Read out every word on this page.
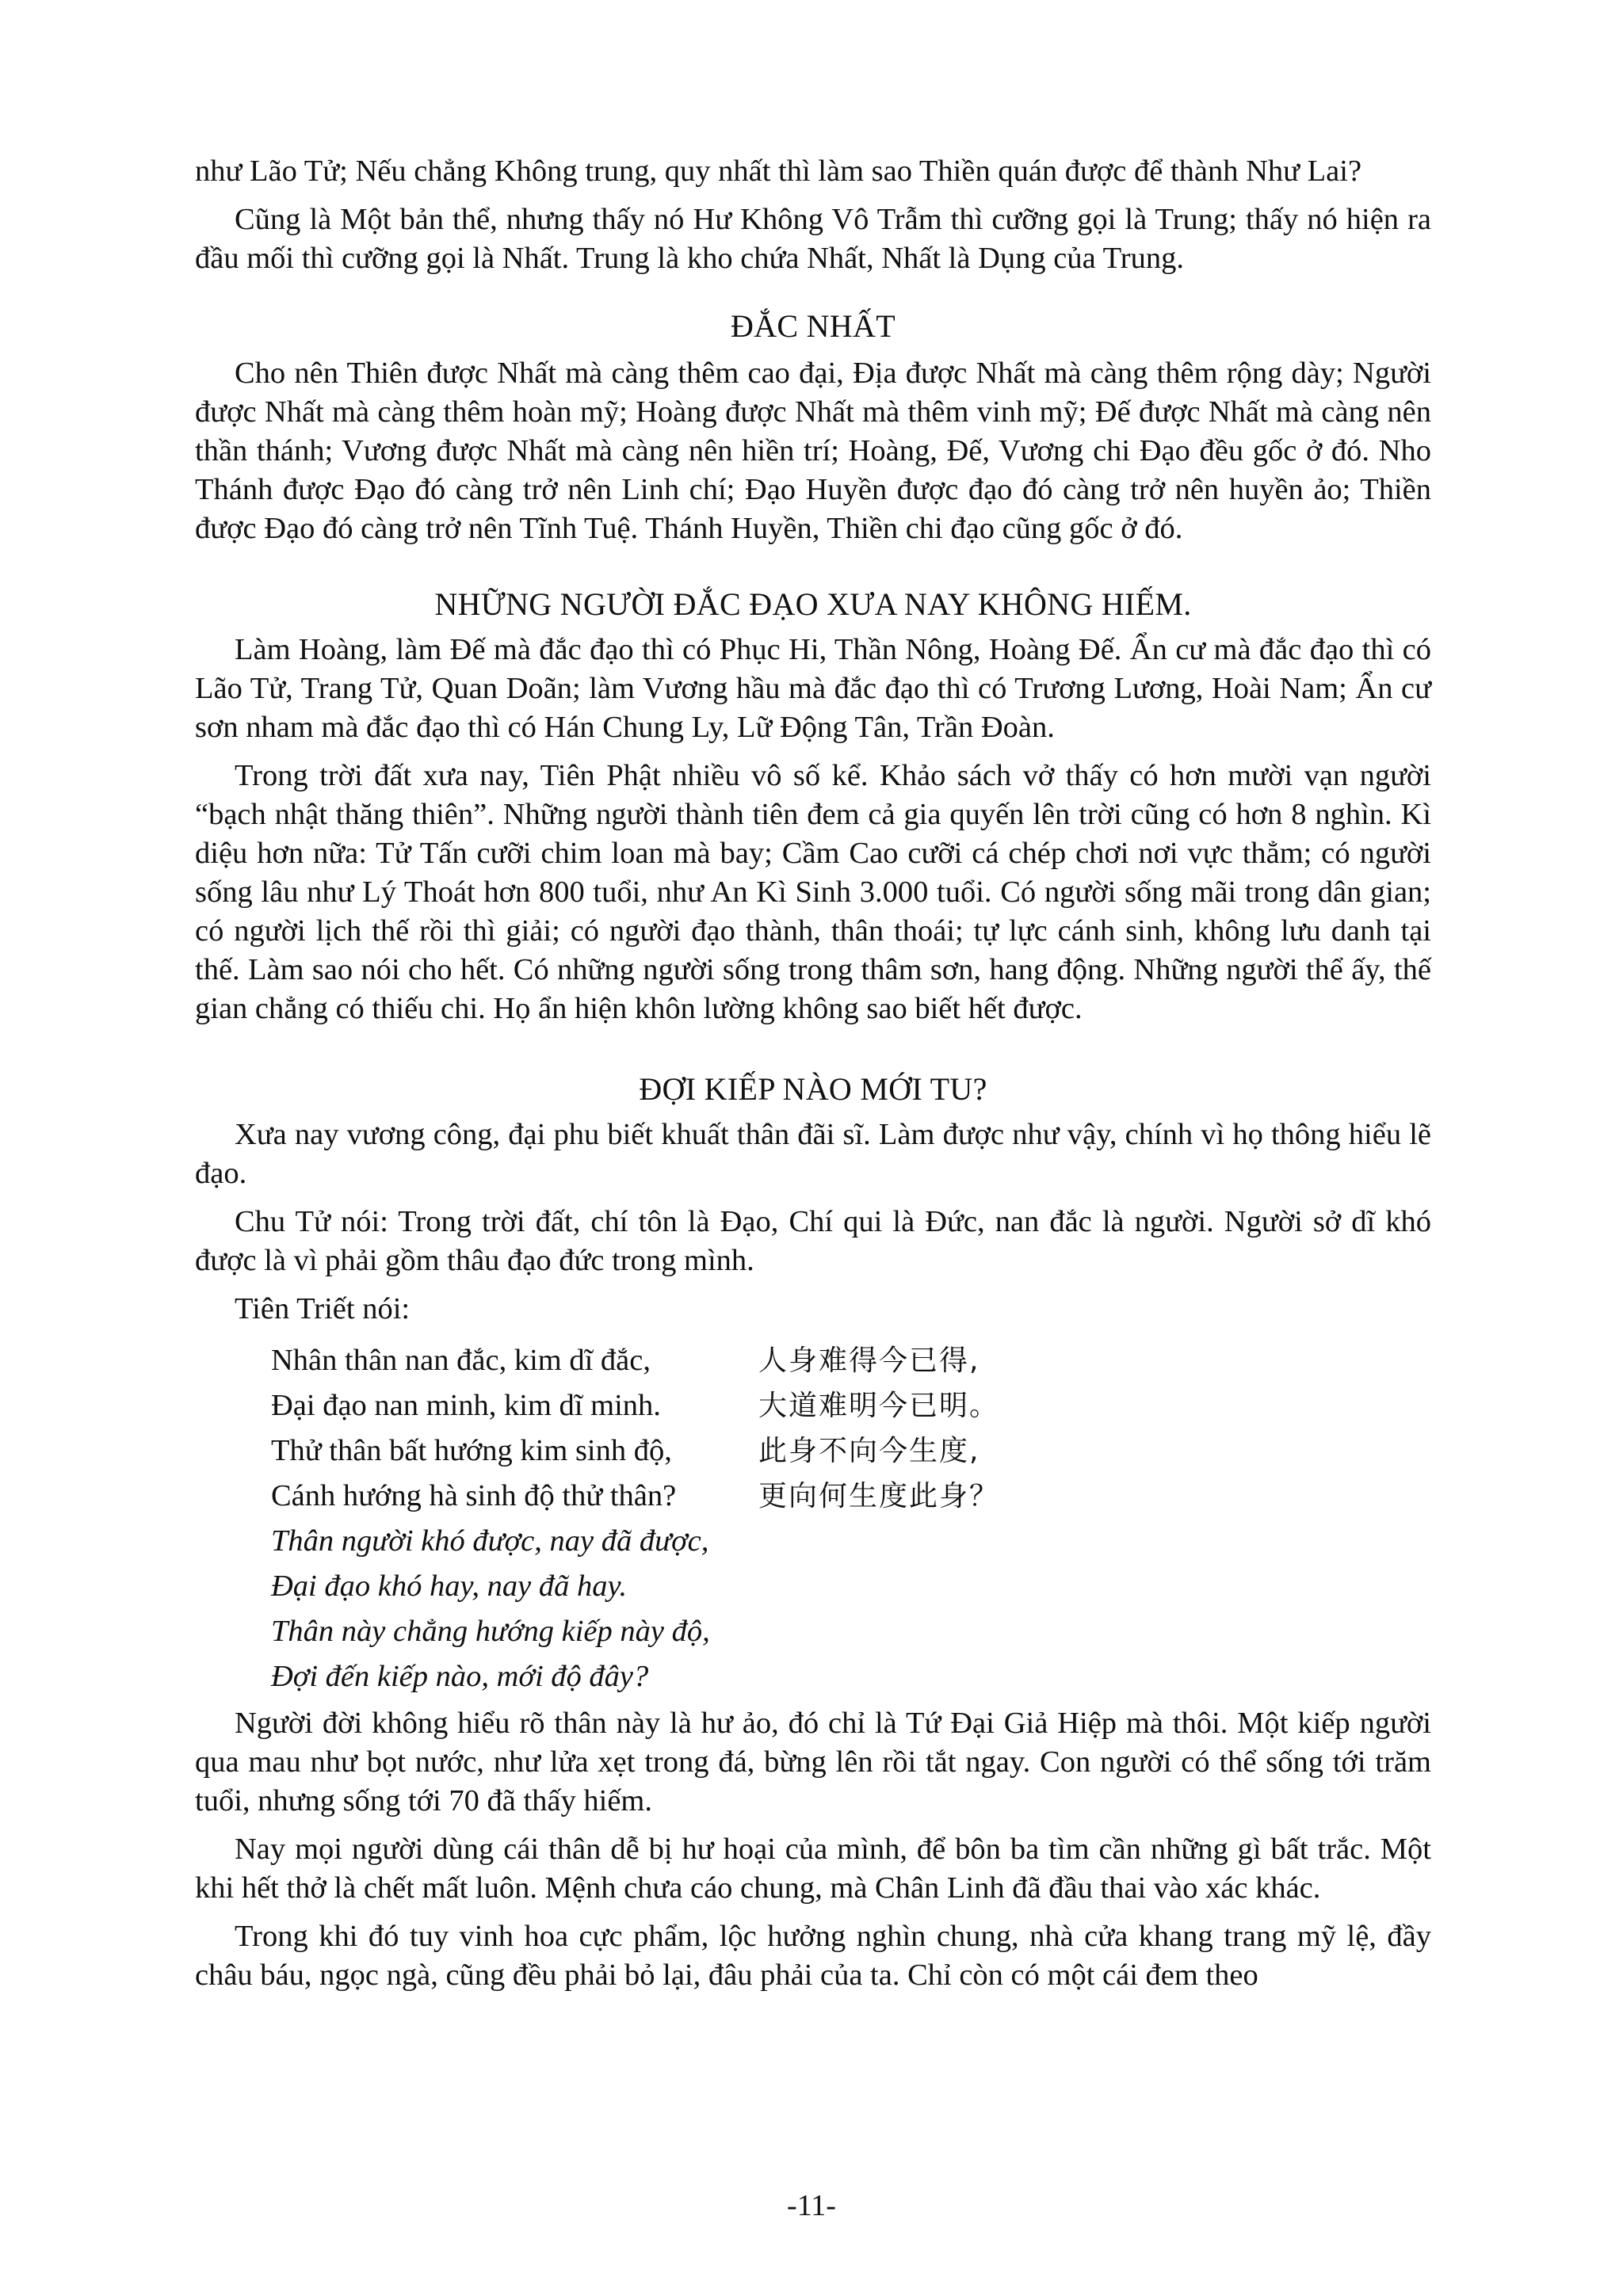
như Lão Tử; Nếu chẳng Không trung, quy nhất thì làm sao Thiền quán được để thành Như Lai?

Cũng là Một bản thể, nhưng thấy nó Hư Không Vô Trẫm thì cưỡng gọi là Trung; thấy nó hiện ra đầu mối thì cưỡng gọi là Nhất. Trung là kho chứa Nhất, Nhất là Dụng của Trung.

ĐẮC NHẤT

Cho nên Thiên được Nhất mà càng thêm cao đại, Địa được Nhất mà càng thêm rộng dày; Người được Nhất mà càng thêm hoàn mỹ; Hoàng được Nhất mà thêm vinh mỹ; Đế được Nhất mà càng nên thần thánh; Vương được Nhất mà càng nên hiền trí; Hoàng, Đế, Vương chi Đạo đều gốc ở đó. Nho Thánh được Đạo đó càng trở nên Linh chí; Đạo Huyền được đạo đó càng trở nên huyền ảo; Thiền được Đạo đó càng trở nên Tĩnh Tuệ. Thánh Huyền, Thiền chi đạo cũng gốc ở đó.

NHỮNG NGƯỜI ĐẮC ĐẠO XƯA NAY KHÔNG HIẾM.

Làm Hoàng, làm Đế mà đắc đạo thì có Phục Hi, Thần Nông, Hoàng Đế. Ẩn cư mà đắc đạo thì có Lão Tử, Trang Tử, Quan Doãn; làm Vương hầu mà đắc đạo thì có Trương Lương, Hoài Nam; Ẩn cư sơn nham mà đắc đạo thì có Hán Chung Ly, Lữ Động Tân, Trần Đoàn.

Trong trời đất xưa nay, Tiên Phật nhiều vô số kể. Khảo sách vở thấy có hơn mười vạn người “bạch nhật thăng thiên”. Những người thành tiên đem cả gia quyến lên trời cũng có hơn 8 nghìn. Kì diệu hơn nữa: Tử Tấn cưỡi chim loan mà bay; Cầm Cao cưỡi cá chép chơi nơi vực thẳm; có người sống lâu như Lý Thoát hơn 800 tuổi, như An Kì Sinh 3.000 tuổi. Có người sống mãi trong dân gian; có người lịch thế rồi thì giải; có người đạo thành, thân thoái; tự lực cánh sinh, không lưu danh tại thế. Làm sao nói cho hết. Có những người sống trong thâm sơn, hang động. Những người thể ấy, thế gian chẳng có thiếu chi. Họ ẩn hiện khôn lường không sao biết hết được.

ĐỢI KIẾP NÀO MỚI TU?

Xưa nay vương công, đại phu biết khuất thân đãi sĩ. Làm được như vậy, chính vì họ thông hiểu lẽ đạo.

Chu Tử nói: Trong trời đất, chí tôn là Đạo, Chí qui là Đức, nan đắc là người. Người sở dĩ khó được là vì phải gồm thâu đạo đức trong mình.

Tiên Triết nói:

Nhân thân nan đắc, kim dĩ đắc,	人身难得今已得,
Đại đạo nan minh, kim dĩ minh.	大道难明今已明。
Thử thân bất hướng kim sinh độ,	此身不向今生度,
Cánh hướng hà sinh độ thử thân?	更向何生度此身？
Thân người khó được, nay đã được,
Đại đạo khó hay, nay đã hay.
Thân này chẳng hướng kiếp này độ,
Đợi đến kiếp nào, mới độ đây?

Người đời không hiểu rõ thân này là hư ảo, đó chỉ là Tứ Đại Giả Hiệp mà thôi. Một kiếp người qua mau như bọt nước, như lửa xẹt trong đá, bừng lên rồi tắt ngay. Con người có thể sống tới trăm tuổi, nhưng sống tới 70 đã thấy hiếm.

Nay mọi người dùng cái thân dễ bị hư hoại của mình, để bôn ba tìm cần những gì bất trắc. Một khi hết thở là chết mất luôn. Mệnh chưa cáo chung, mà Chân Linh đã đầu thai vào xác khác.

Trong khi đó tuy vinh hoa cực phẩm, lộc hưởng nghìn chung, nhà cửa khang trang mỹ lệ, đầy châu báu, ngọc ngà, cũng đều phải bỏ lại, đâu phải của ta. Chỉ còn có một cái đem theo

-11-
